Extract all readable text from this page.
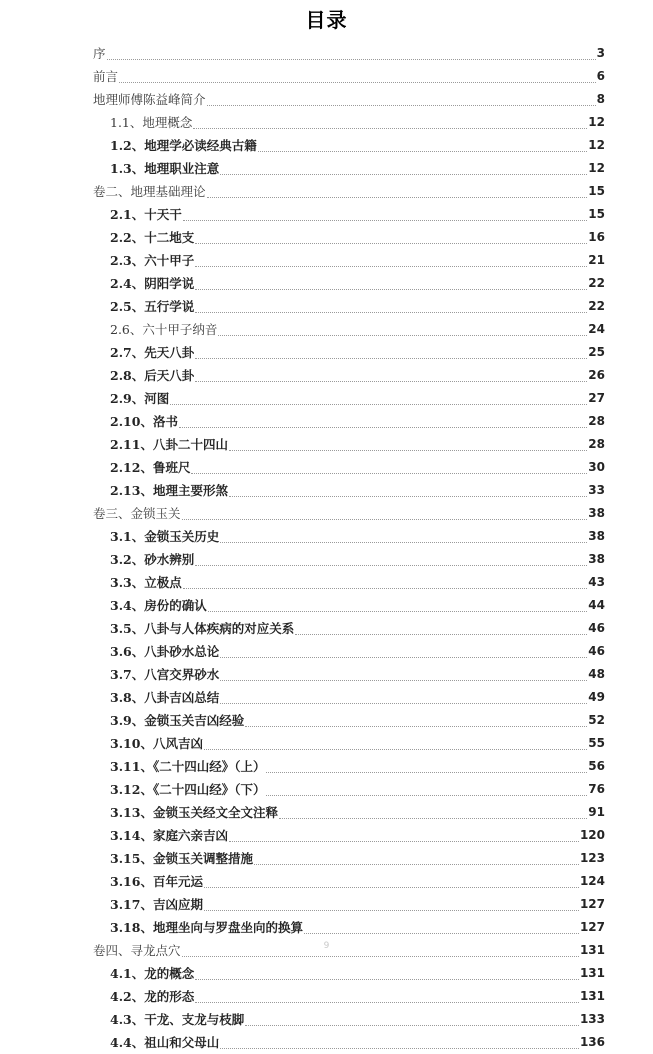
目录
序	3
前言	6
地理师傅陈益峰简介	8
1.1、地理概念	12
1.2、地理学必读经典古籍	12
1.3、地理职业注意	12
卷二、地理基础理论	15
2.1、十天干	15
2.2、十二地支	16
2.3、六十甲子	21
2.4、阴阳学说	22
2.5、五行学说	22
2.6、六十甲子纳音	24
2.7、先天八卦	25
2.8、后天八卦	26
2.9、河图	27
2.10、洛书	28
2.11、八卦二十四山	28
2.12、鲁班尺	30
2.13、地理主要形煞	33
卷三、金锁玉关	38
3.1、金锁玉关历史	38
3.2、砂水辨别	38
3.3、立极点	43
3.4、房份的确认	44
3.5、八卦与人体疾病的对应关系	46
3.6、八卦砂水总论	46
3.7、八宫交界砂水	48
3.8、八卦吉凶总结	49
3.9、金锁玉关吉凶经验	52
3.10、八风吉凶	55
3.11、《二十四山经》（上）	56
3.12、《二十四山经》（下）	76
3.13、金锁玉关经文全文注释	91
3.14、家庭六亲吉凶	120
3.15、金锁玉关调整措施	123
3.16、百年元运	124
3.17、吉凶应期	127
3.18、地理坐向与罗盘坐向的换算	127
卷四、寻龙点穴	131
4.1、龙的概念	131
4.2、龙的形态	131
4.3、干龙、支龙与枝脚	133
4.4、祖山和父母山	136
9
